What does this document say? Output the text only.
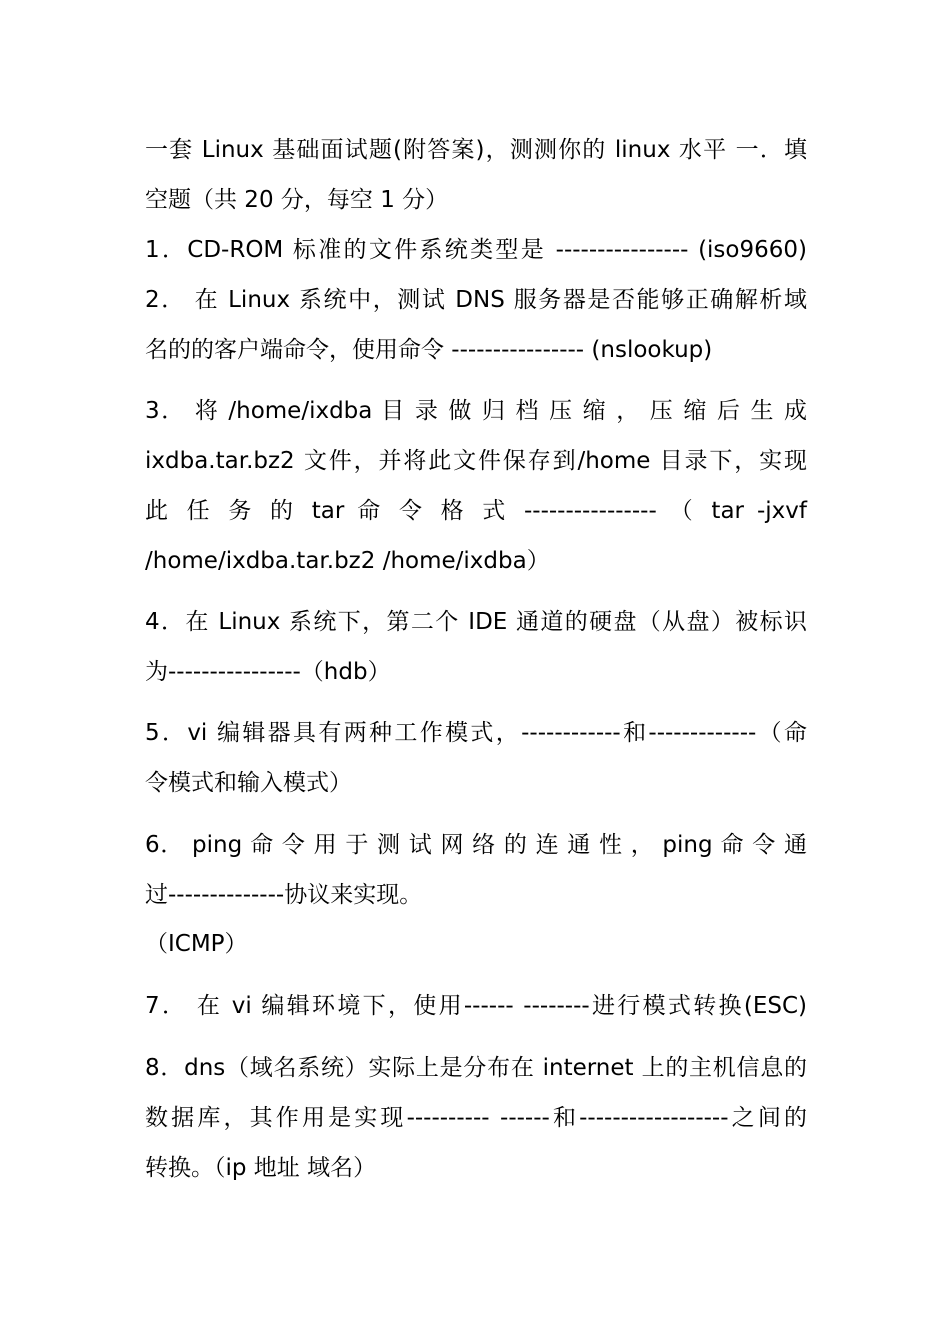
一套 Linux 基础面试题(附答案)，测测你的 linux 水平 一．填
空题（共 20 分，每空 1 分）
1．CD-ROM 标准的文件系统类型是 ---------------- (iso9660)
2． 在 Linux 系统中，测试 DNS 服务器是否能够正确解析域
名的的客户端命令，使用命令 ---------------- (nslookup)
3． 将 /home/ixdba 目 录 做 归 档 压 缩 ， 压 缩 后 生 成
ixdba.tar.bz2 文件，并将此文件保存到/home 目录下，实现
此 任 务 的 tar 命 令 格 式 ---------------- （ tar -jxvf
/home/ixdba.tar.bz2 /home/ixdba）
4．在 Linux 系统下，第二个 IDE 通道的硬盘（从盘）被标识
为----------------（hdb）
5．vi 编辑器具有两种工作模式，------------和-------------（命
令模式和输入模式）
6． ping 命 令 用 于 测 试 网 络 的 连 通 性 ， ping 命 令 通
过--------------协议来实现。
（ICMP）
7． 在 vi 编辑环境下，使用------ --------进行模式转换(ESC)
8．dns（域名系统）实际上是分布在 internet 上的主机信息的
数据库，其作用是实现---------- ------和------------------之间的
转换。（ip 地址 域名）
